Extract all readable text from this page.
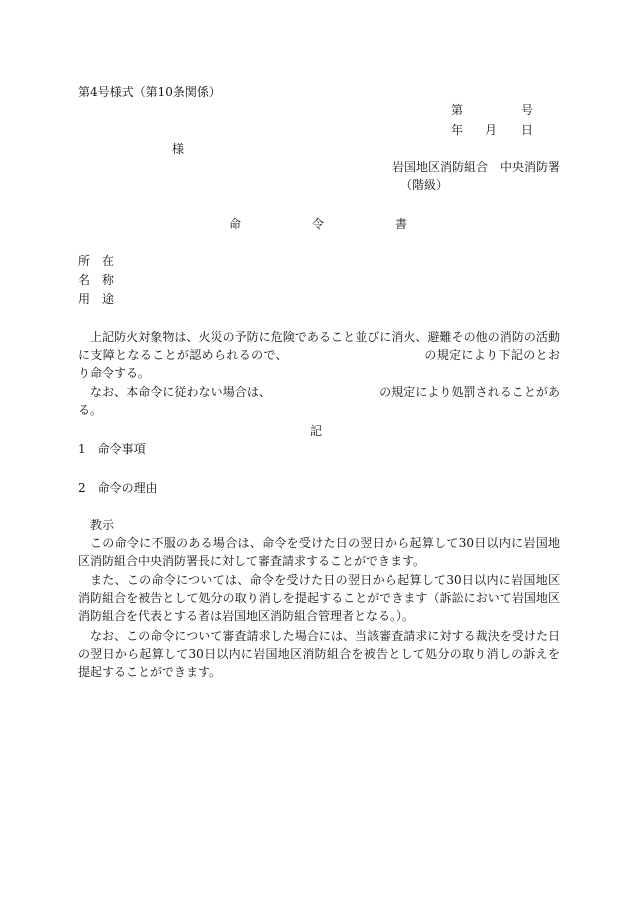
第4号様式（第10条関係）
第	号
年 月 日
様
岩国地区消防組合　中央消防署
（階級）
命	令	書
所　在
名　称
用　途

上記防火対象物は、火災の予防に危険であること並びに消火、避難その他の消防の活動に支障となることが認められるので、	の規定により下記のとおり命令する。

なお、本命令に従わない場合は、	の規定により処罰されることがある。

記
1　命令事項
2　命令の理由
教示

この命令に不服のある場合は、命令を受けた日の翌日から起算して30日以内に岩国地区消防組合中央消防署長に対して審査請求することができます。

また、この命令については、命令を受けた日の翌日から起算して30日以内に岩国地区消防組合を被告として処分の取り消しを提起することができます（訴訟において岩国地区消防組合を代表とする者は岩国地区消防組合管理者となる。）。

なお、この命令について審査請求した場合には、当該審査請求に対する裁決を受けた日の翌日から起算して30日以内に岩国地区消防組合を被告として処分の取り消しの訴えを提起することができます。
